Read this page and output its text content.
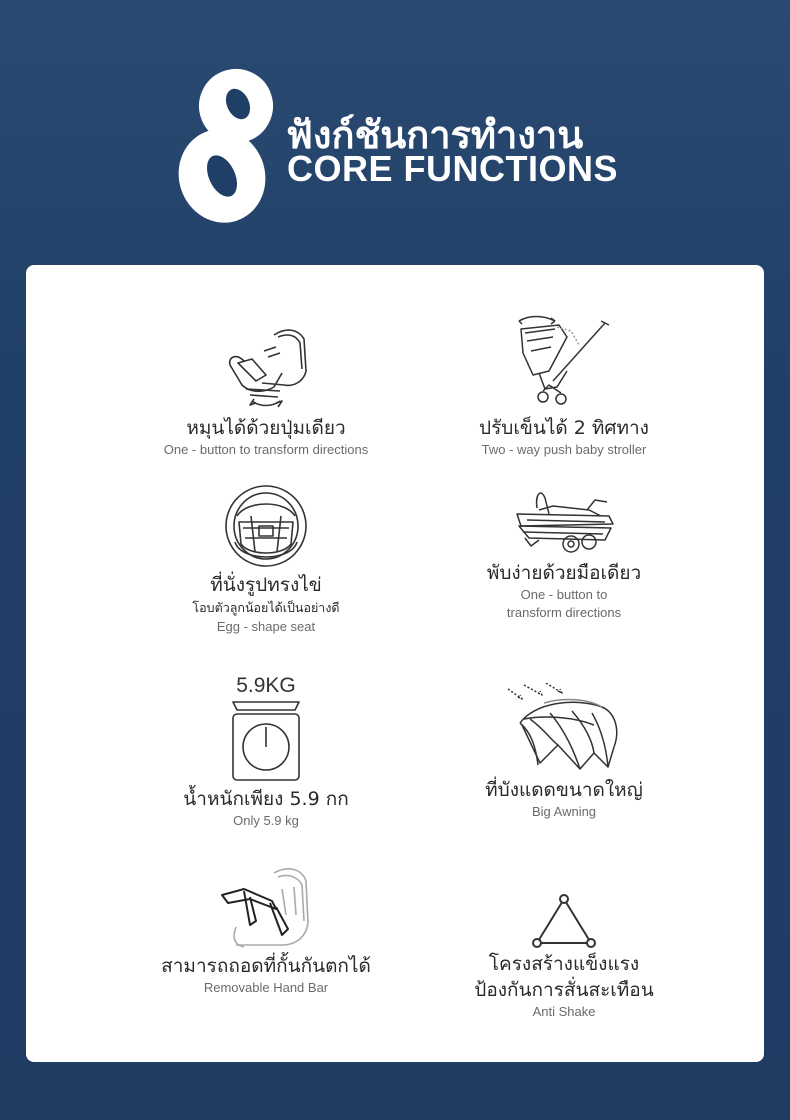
8
ฟังก์ชันการทำงาน
CORE FUNCTIONS
หมุนได้ด้วยปุ่มเดียว
One - button to transform directions
ปรับเข็นได้ 2 ทิศทาง
Two - way push baby stroller
ที่นั่งรูปทรงไข่
โอบตัวลูกน้อยได้เป็นอย่างดี
Egg - shape seat
พับง่ายด้วยมือเดียว
One - button to
transform directions
5.9KG
น้ำหนักเพียง 5.9 กก
Only 5.9 kg
ที่บังแดดขนาดใหญ่
Big Awning
สามารถถอดที่กั้นกันตกได้
Removable Hand Bar
โครงสร้างแข็งแรง
ป้องกันการสั่นสะเทือน
Anti Shake
